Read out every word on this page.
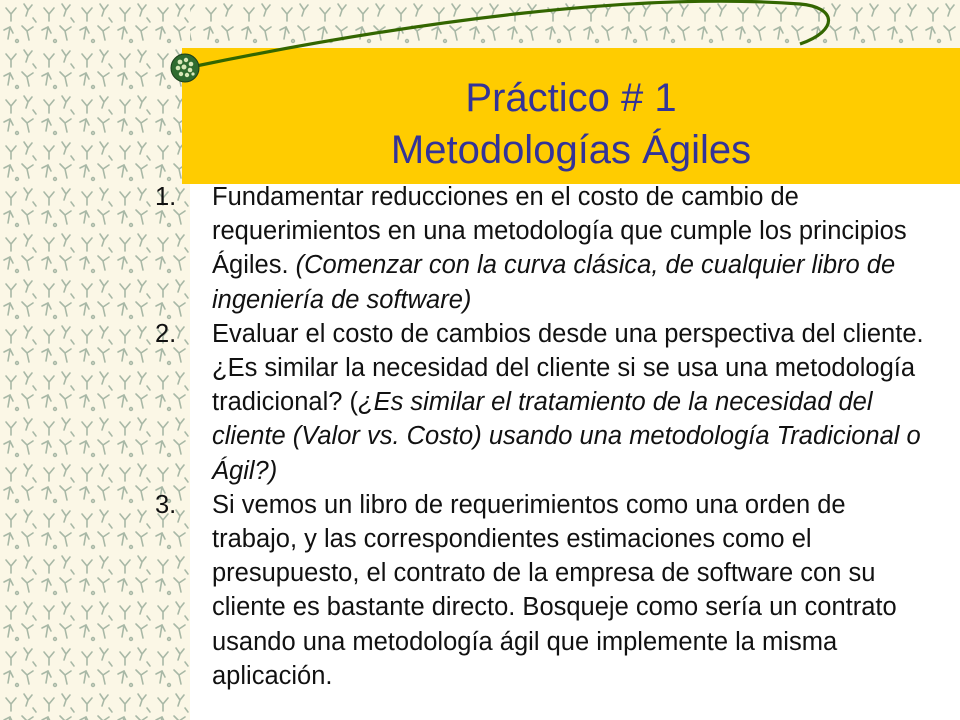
Práctico # 1
Metodologías Ágiles
1. Fundamentar reducciones en el costo de cambio de requerimientos en una metodología que cumple los principios Ágiles. (Comenzar con la curva clásica, de cualquier libro de ingeniería de software)
2. Evaluar el costo de cambios desde una perspectiva del cliente. ¿Es similar la necesidad del cliente si se usa una metodología tradicional? (¿Es similar el tratamiento de la necesidad del cliente (Valor vs. Costo) usando una metodología Tradicional o Ágil?)
3. Si vemos un libro de requerimientos como una orden de trabajo, y las correspondientes estimaciones como el presupuesto, el contrato de la empresa de software con su cliente es bastante directo. Bosqueje como sería un contrato usando una metodología ágil que implemente la misma aplicación.
